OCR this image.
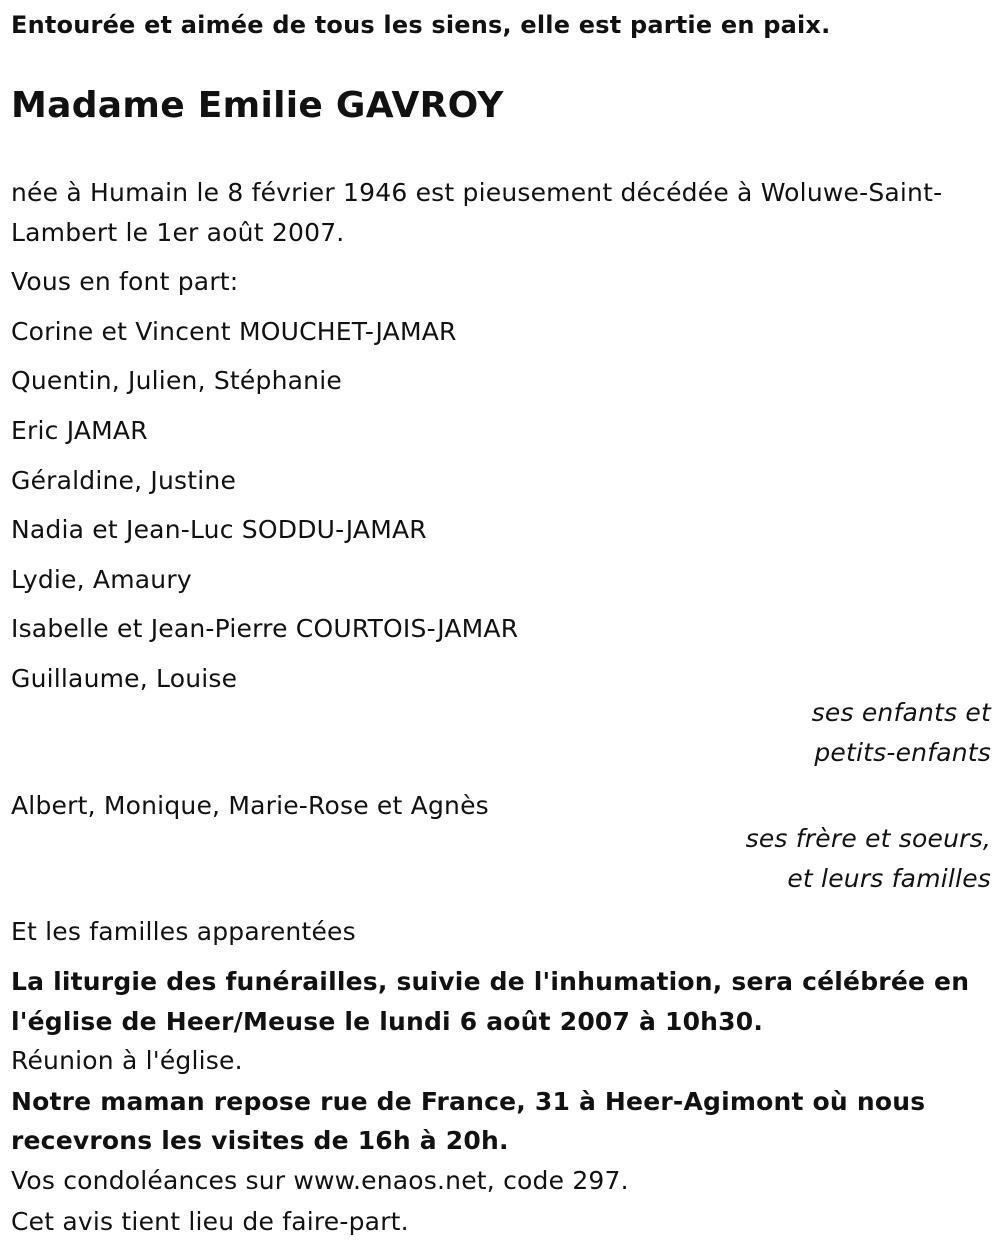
Entourée et aimée de tous les siens, elle est partie en paix.
Madame Emilie GAVROY
née à Humain le 8 février 1946 est pieusement décédée à Woluwe-Saint-
Lambert le 1er août 2007.
Vous en font part:
Corine et Vincent MOUCHET-JAMAR
Quentin, Julien, Stéphanie
Eric JAMAR
Géraldine, Justine
Nadia et Jean-Luc SODDU-JAMAR
Lydie, Amaury
Isabelle et Jean-Pierre COURTOIS-JAMAR
Guillaume, Louise
ses enfants et
petits-enfants
Albert, Monique, Marie-Rose et Agnès
ses frère et soeurs,
et leurs familles
Et les familles apparentées
La liturgie des funérailles, suivie de l'inhumation, sera célébrée en
l'église de Heer/Meuse le lundi 6 août 2007 à 10h30.
Réunion à l'église.
Notre maman repose rue de France, 31 à Heer-Agimont où nous
recevrons les visites de 16h à 20h.
Vos condoléances sur www.enaos.net, code 297.
Cet avis tient lieu de faire-part.
